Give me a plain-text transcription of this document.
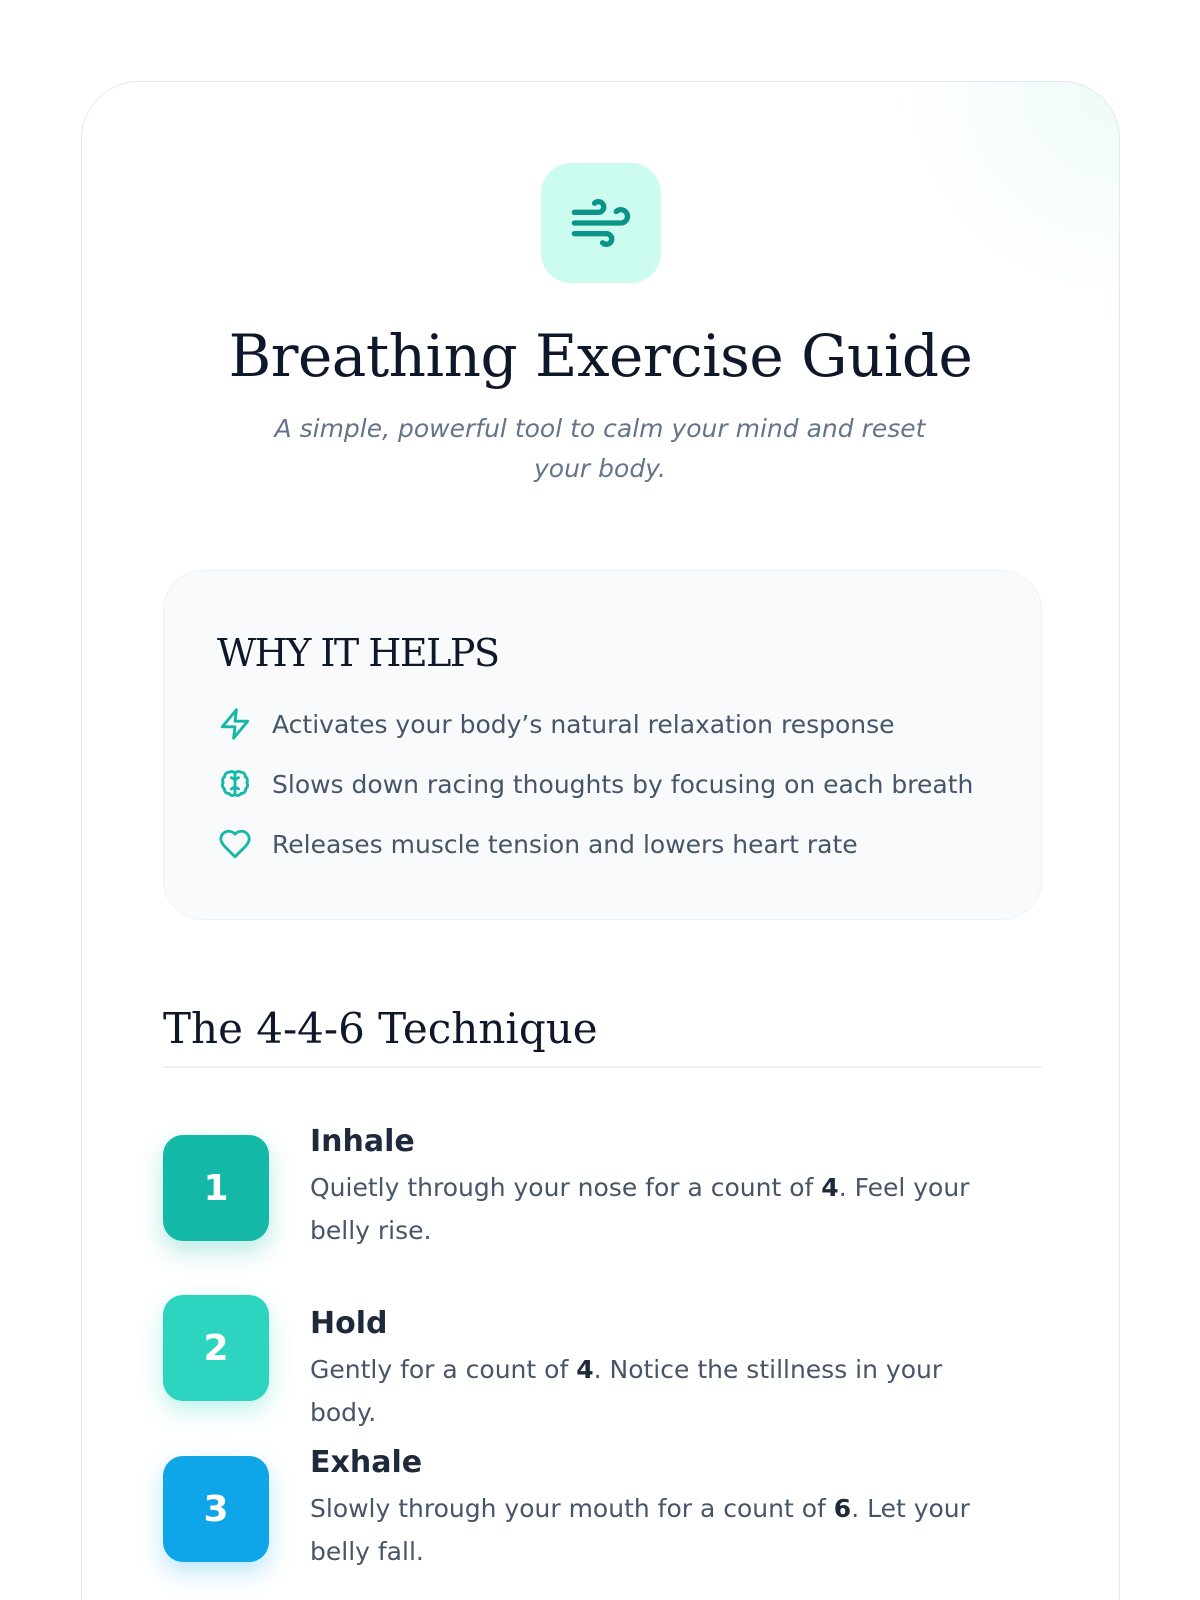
Breathing Exercise Guide

A simple, powerful tool to calm your mind and reset your body.

WHY IT HELPS
Activates your body’s natural relaxation response
Slows down racing thoughts by focusing on each breath
Releases muscle tension and lowers heart rate
The 4-4-6 Technique
1
Inhale

Quietly through your nose for a count of 4. Feel your belly rise.

2
Hold

Gently for a count of 4. Notice the stillness in your body.

3
Exhale

Slowly through your mouth for a count of 6. Let your belly fall.
